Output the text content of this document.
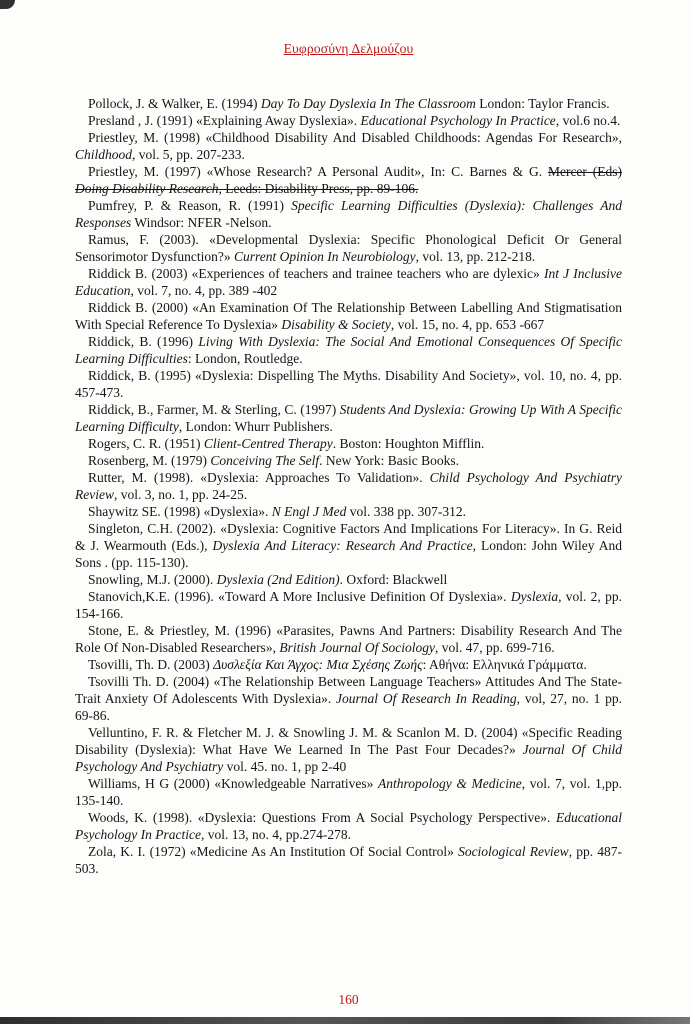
Ευφροσύνη Δελμούζου

Pollock, J. & Walker, E. (1994) Day To Day Dyslexia In The Classroom London: Taylor Francis.

Presland , J. (1991) «Explaining Away Dyslexia». Educational Psychology In Practice, vol.6 no.4.

Priestley, M. (1998) «Childhood Disability And Disabled Childhoods: Agendas For Research», Childhood, vol. 5, pp. 207-233.

Priestley, M. (1997) «Whose Research? A Personal Audit», In: C. Barnes & G. Mercer (Eds) Doing Disability Research, Leeds: Disability Press, pp. 89-106.

Pumfrey, P. & Reason, R. (1991) Specific Learning Difficulties (Dyslexia): Challenges And Responses Windsor: NFER -Nelson.

Ramus, F. (2003). «Developmental Dyslexia: Specific Phonological Deficit Or General Sensorimotor Dysfunction?» Current Opinion In Neurobiology, vol. 13, pp. 212-218.

Riddick B. (2003) «Experiences of teachers and trainee teachers who are dylexic» Int J Inclusive Education, vol. 7, no. 4, pp. 389 -402

Riddick B. (2000) «An Examination Of The Relationship Between Labelling And Stigmatisation With Special Reference To Dyslexia» Disability & Society, vol. 15, no. 4, pp. 653 -667

Riddick, B. (1996) Living With Dyslexia: The Social And Emotional Consequences Of Specific Learning Difficulties: London, Routledge.

Riddick, B. (1995) «Dyslexia: Dispelling The Myths. Disability And Society», vol. 10, no. 4, pp. 457-473.

Riddick, B., Farmer, M. & Sterling, C. (1997) Students And Dyslexia: Growing Up With A Specific Learning Difficulty, London: Whurr Publishers.

Rogers, C. R. (1951) Client-Centred Therapy. Boston: Houghton Mifflin.

Rosenberg, M. (1979) Conceiving The Self. New York: Basic Books.

Rutter, M. (1998). «Dyslexia: Approaches To Validation». Child Psychology And Psychiatry Review, vol. 3, no. 1, pp. 24-25.

Shaywitz SE. (1998) «Dyslexia». N Engl J Med vol. 338 pp. 307-312.

Singleton, C.H. (2002). «Dyslexia: Cognitive Factors And Implications For Literacy». In G. Reid & J. Wearmouth (Eds.), Dyslexia And Literacy: Research And Practice, London: John Wiley And Sons . (pp. 115-130).

Snowling, M.J. (2000). Dyslexia (2nd Edition). Oxford: Blackwell

Stanovich,K.E. (1996). «Toward A More Inclusive Definition Of Dyslexia». Dyslexia, vol. 2, pp. 154-166.

Stone, E. & Priestley, M. (1996) «Parasites, Pawns And Partners: Disability Research And The Role Of Non-Disabled Researchers», British Journal Of Sociology, vol. 47, pp. 699-716.

Tsovilli, Th. D. (2003) Δυσλεξία Και Άγχος: Μια Σχέσης Ζωής: Αθήνα: Ελληνικά Γράμματα.

Tsovilli Th. D. (2004) «The Relationship Between Language Teachers» Attitudes And The State-Trait Anxiety Of Adolescents With Dyslexia». Journal Of Research In Reading, vol, 27, no. 1 pp. 69-86.

Velluntino, F. R. & Fletcher M. J. & Snowling J. M. & Scanlon M. D. (2004) «Specific Reading Disability (Dyslexia): What Have We Learned In The Past Four Decades?» Journal Of Child Psychology And Psychiatry vol. 45. no. 1, pp 2-40

Williams, H G (2000) «Knowledgeable Narratives» Anthropology & Medicine, vol. 7, vol. 1,pp. 135-140.

Woods, K. (1998). «Dyslexia: Questions From A Social Psychology Perspective». Educational Psychology In Practice, vol. 13, no. 4, pp.274-278.

Zola, K. I. (1972) «Medicine As An Institution Of Social Control» Sociological Review, pp. 487-503.

160
